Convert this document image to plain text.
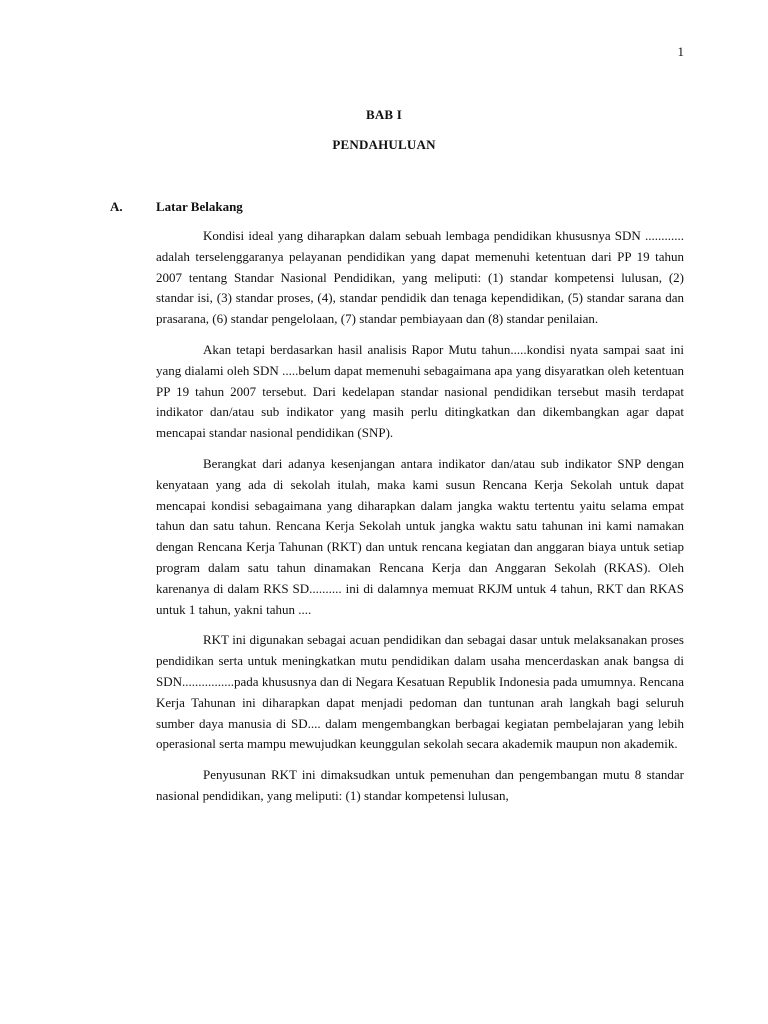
1
BAB I
PENDAHULUAN
A.	Latar Belakang

Kondisi ideal yang diharapkan dalam sebuah lembaga pendidikan khususnya SDN ............ adalah terselenggaranya pelayanan pendidikan yang dapat memenuhi ketentuan dari PP 19 tahun 2007 tentang Standar Nasional Pendidikan, yang meliputi: (1) standar kompetensi lulusan, (2) standar isi, (3) standar proses, (4), standar pendidik dan tenaga kependidikan, (5) standar sarana dan prasarana, (6) standar pengelolaan, (7) standar pembiayaan dan (8) standar penilaian.

Akan tetapi berdasarkan hasil analisis Rapor Mutu tahun.....kondisi nyata sampai saat ini yang dialami oleh SDN .....belum dapat memenuhi sebagaimana apa yang disyaratkan oleh ketentuan PP 19 tahun 2007 tersebut. Dari kedelapan standar nasional pendidikan tersebut masih terdapat indikator dan/atau sub indikator yang masih perlu ditingkatkan dan dikembangkan agar dapat mencapai standar nasional pendidikan (SNP).

Berangkat dari adanya kesenjangan antara indikator dan/atau sub indikator SNP dengan kenyataan yang ada di sekolah itulah, maka kami susun Rencana Kerja Sekolah untuk dapat mencapai kondisi sebagaimana yang diharapkan dalam jangka waktu tertentu yaitu selama empat tahun dan satu tahun. Rencana Kerja Sekolah untuk jangka waktu satu tahunan ini kami namakan dengan Rencana Kerja Tahunan (RKT) dan untuk rencana kegiatan dan anggaran biaya untuk setiap program dalam satu tahun dinamakan Rencana Kerja dan Anggaran Sekolah (RKAS). Oleh karenanya di dalam RKS SD.......... ini di dalamnya memuat RKJM untuk 4 tahun, RKT dan RKAS untuk 1 tahun, yakni tahun ....

RKT ini digunakan sebagai acuan pendidikan dan sebagai dasar untuk melaksanakan proses pendidikan serta untuk meningkatkan mutu pendidikan dalam usaha mencerdaskan anak bangsa di SDN................pada khususnya dan di Negara Kesatuan Republik Indonesia pada umumnya. Rencana Kerja Tahunan ini diharapkan dapat menjadi pedoman dan tuntunan arah langkah bagi seluruh sumber daya manusia di SD.... dalam mengembangkan berbagai kegiatan pembelajaran yang lebih operasional serta mampu mewujudkan keunggulan sekolah secara akademik maupun non akademik.

Penyusunan RKT ini dimaksudkan untuk pemenuhan dan pengembangan mutu 8 standar nasional pendidikan, yang meliputi: (1) standar kompetensi lulusan,
